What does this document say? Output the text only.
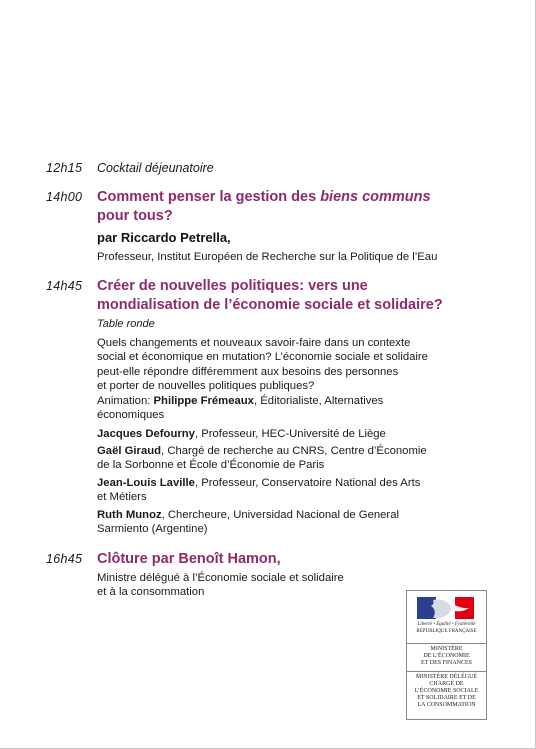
12h15 Cocktail déjeunatoire
14h00 Comment penser la gestion des biens communs
pour tous?
par Riccardo Petrella,
Professeur, Institut Européen de Recherche sur la Politique de l’Eau
14h45 Créer de nouvelles politiques: vers une
mondialisation de l’économie sociale et solidaire?
Table ronde
Quels changements et nouveaux savoir-faire dans un contexte
social et économique en mutation? L’économie sociale et solidaire
peut-elle répondre différemment aux besoins des personnes
et porter de nouvelles politiques publiques?
Animation: Philippe Frémeaux, Éditorialiste, Alternatives
économiques
Jacques Defourny, Professeur, HEC-Université de Liège
Gaël Giraud, Chargé de recherche au CNRS, Centre d’Économie
de la Sorbonne et École d’Économie de Paris
Jean-Louis Laville, Professeur, Conservatoire National des Arts
et Métiers
Ruth Munoz, Chercheure, Universidad Nacional de General
Sarmiento (Argentine)
16h45 Clôture par Benoît Hamon,
Ministre délégué à l’Économie sociale et solidaire
et à la consommation
Liberté • Égalité • Fraternité
RÉPUBLIQUE FRANÇAISE
MINISTÈRE
DE L’ÉCONOMIE
ET DES FINANCES
MINISTÈRE DÉLÉGUÉ
CHARGÉ DE
L’ÉCONOMIE SOCIALE
ET SOLIDAIRE ET DE
LA CONSOMMATION
